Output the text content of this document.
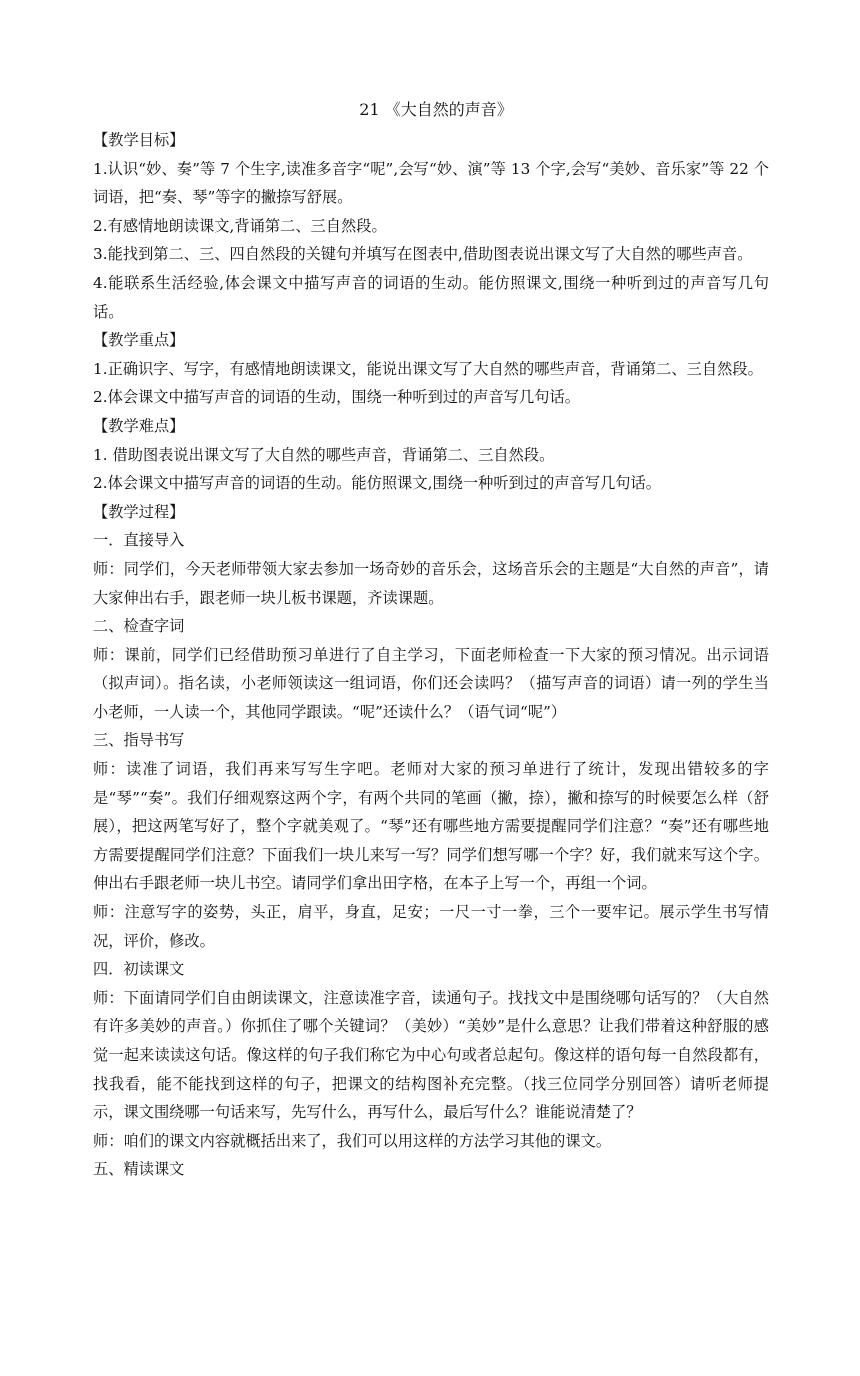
21 《大自然的声音》

【教学目标】

1.认识“妙、奏”等 7 个生字,读准多音字“呢”,会写“妙、演”等 13 个字,会写“美妙、音乐家”等 22 个词语，把“奏、琴”等字的撇捺写舒展。

2.有感情地朗读课文,背诵第二、三自然段。

3.能找到第二、三、四自然段的关键句并填写在图表中,借助图表说出课文写了大自然的哪些声音。

4.能联系生活经验,体会课文中描写声音的词语的生动。能仿照课文,围绕一种听到过的声音写几句话。

【教学重点】

1.正确识字、写字，有感情地朗读课文，能说出课文写了大自然的哪些声音，背诵第二、三自然段。

2.体会课文中描写声音的词语的生动，围绕一种听到过的声音写几句话。

【教学难点】

1. 借助图表说出课文写了大自然的哪些声音，背诵第二、三自然段。

2.体会课文中描写声音的词语的生动。能仿照课文,围绕一种听到过的声音写几句话。

【教学过程】

一．直接导入

师：同学们，今天老师带领大家去参加一场奇妙的音乐会，这场音乐会的主题是“大自然的声音”，请大家伸出右手，跟老师一块儿板书课题，齐读课题。

二、检查字词

师：课前，同学们已经借助预习单进行了自主学习，下面老师检查一下大家的预习情况。出示词语（拟声词）。指名读，小老师领读这一组词语，你们还会读吗？（描写声音的词语）请一列的学生当小老师，一人读一个，其他同学跟读。“呢”还读什么？（语气词“呢”）

三、指导书写

师：读准了词语，我们再来写写生字吧。老师对大家的预习单进行了统计，发现出错较多的字是“琴”“奏”。我们仔细观察这两个字，有两个共同的笔画（撇，捺），撇和捺写的时候要怎么样（舒展），把这两笔写好了，整个字就美观了。“琴”还有哪些地方需要提醒同学们注意？“奏”还有哪些地方需要提醒同学们注意？下面我们一块儿来写一写？同学们想写哪一个字？好，我们就来写这个字。伸出右手跟老师一块儿书空。请同学们拿出田字格，在本子上写一个，再组一个词。

师：注意写字的姿势，头正，肩平，身直，足安；一尺一寸一拳，三个一要牢记。展示学生书写情况，评价，修改。

四．初读课文

师：下面请同学们自由朗读课文，注意读准字音，读通句子。找找文中是围绕哪句话写的？（大自然有许多美妙的声音。）你抓住了哪个关键词？（美妙）“美妙”是什么意思？让我们带着这种舒服的感觉一起来读读这句话。像这样的句子我们称它为中心句或者总起句。像这样的语句每一自然段都有，找我看，能不能找到这样的句子，把课文的结构图补充完整。（找三位同学分别回答）请听老师提示，课文围绕哪一句话来写，先写什么，再写什么，最后写什么？谁能说清楚了？

师：咱们的课文内容就概括出来了，我们可以用这样的方法学习其他的课文。

五、精读课文
